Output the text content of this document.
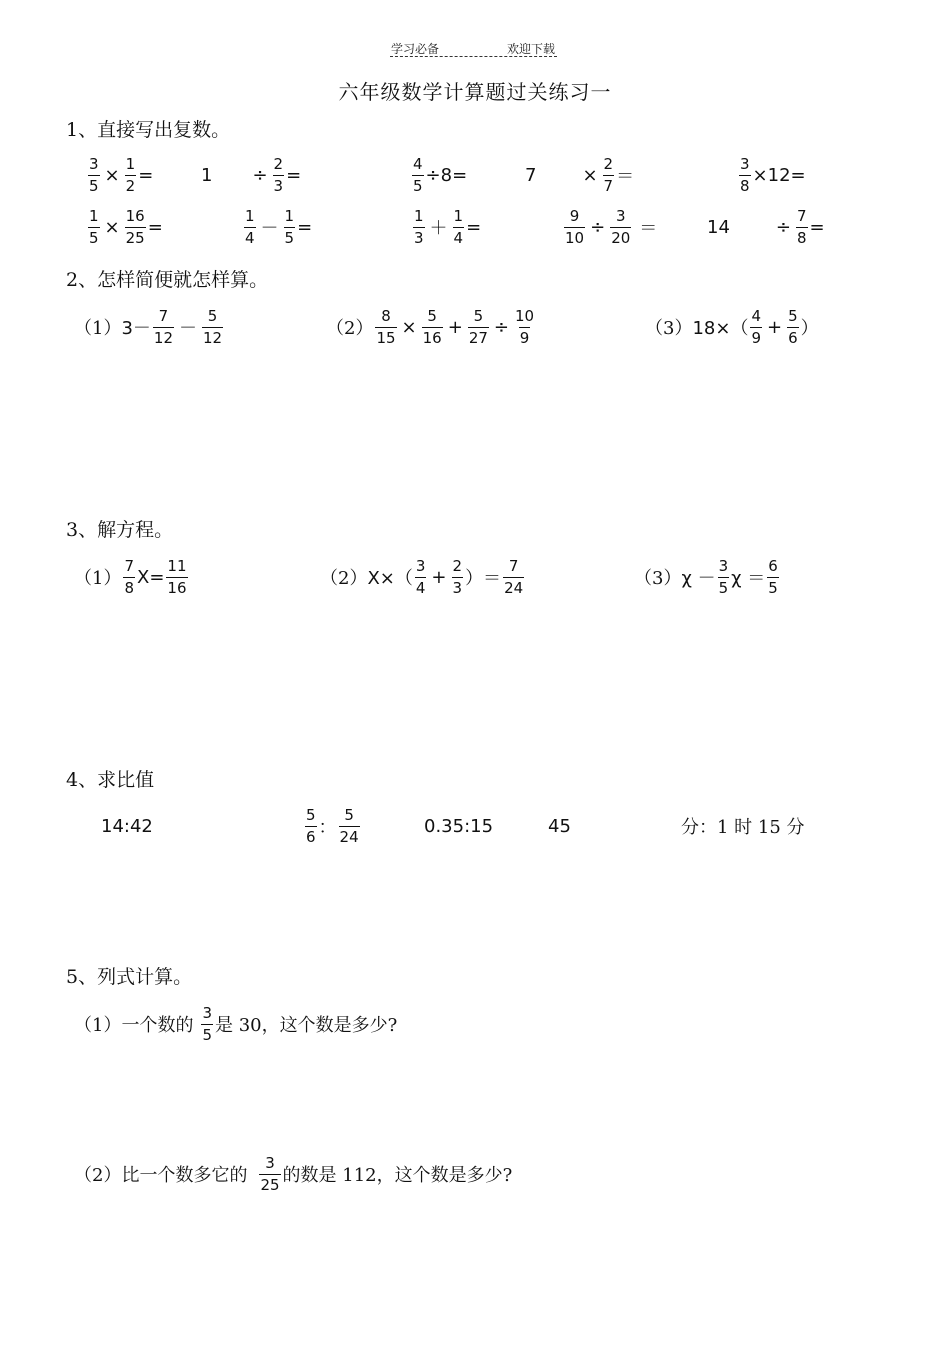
学习必备	欢迎下载
六年级数学计算题过关练习一
1、直接写出复数。
$\frac{3}{5} \times \frac{1}{2}$ =	$1 \div \frac{2}{3}$ =	$\frac{4}{5} \div 8=$	7	× $\frac{2}{7}$ ＝	$\frac{3}{8} \times 12=$
$\frac{1}{5} \times \frac{16}{25}$ =	$\frac{1}{4} - \frac{1}{5}$ =	$\frac{1}{3} + \frac{1}{4}$ =	$\frac{9}{10} \div \frac{3}{20}$ ＝	14	÷ $\frac{7}{8}$ =
2、怎样简便就怎样算。
（1） $3- \frac{7}{12} - \frac{5}{12}$	$(2) \frac{8}{15} \times \frac{5}{16} + \frac{5}{27} \div \frac{10}{9}$	（3） $18\times( \frac{4}{9} + \frac{5}{6}$ ）
3、解方程。
$(1) \frac{7}{8} X= \frac{11}{16}$	（2） $X\times( \frac{3}{4} + \frac{2}{3}$ ）＝ $\frac{7}{24}$	（3） $\chi - \frac{3}{5}$ $\chi = \frac{6}{5}$
4、求比值
14:42	$\frac{5}{6}$ ： $\frac{5}{24}$	0.35:15	45	分：1 时 15 分
5、列式计算。
（1）一个数的 $\frac{3}{5}$ 是 30，这个数是多少?
（2）比一个数多它的 $\frac{3}{25}$ 的数是 112，这个数是多少?
